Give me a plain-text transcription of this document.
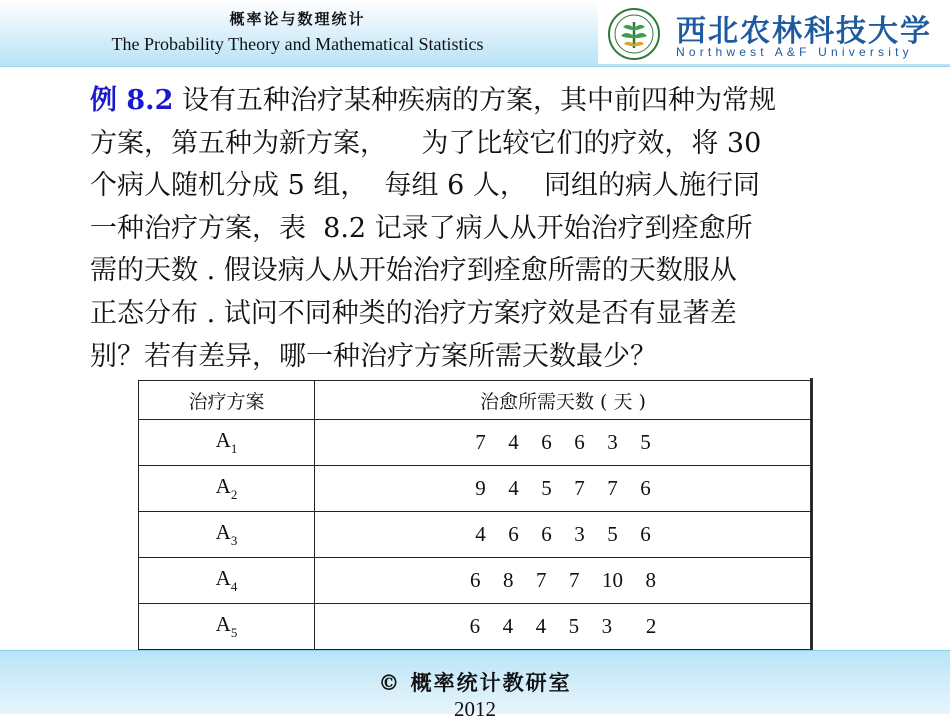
概率论与数理统计
The Probability Theory and Mathematical Statistics	西北农林科技大学
Northwest A&F University
例 8.2 设有五种治疗某种疾病的方案，其中前四种为常规
方案，第五种为新方案，    为了比较它们的疗效，将 30
个病人随机分成 5 组，  每组 6 人，  同组的病人施行同
一种治疗方案，表  8.2 记录了病人从开始治疗到痊愈所
需的天数 . 假设病人从开始治疗到痊愈所需的天数服从
正态分布 . 试问不同种类的治疗方案疗效是否有显著差
别？若有差异，哪一种治疗方案所需天数最少？
治疗方案	治愈所需天数 ( 天 )
$A_1$	7  4  6  6  3  5
$A_2$	9  4  5  7  7  6
$A_3$	4  6  6  3  5  6
$A_4$	6  8  7  7  10  8
$A_5$	6  4  4  5  3   2
© 概率统计教研室
2012
